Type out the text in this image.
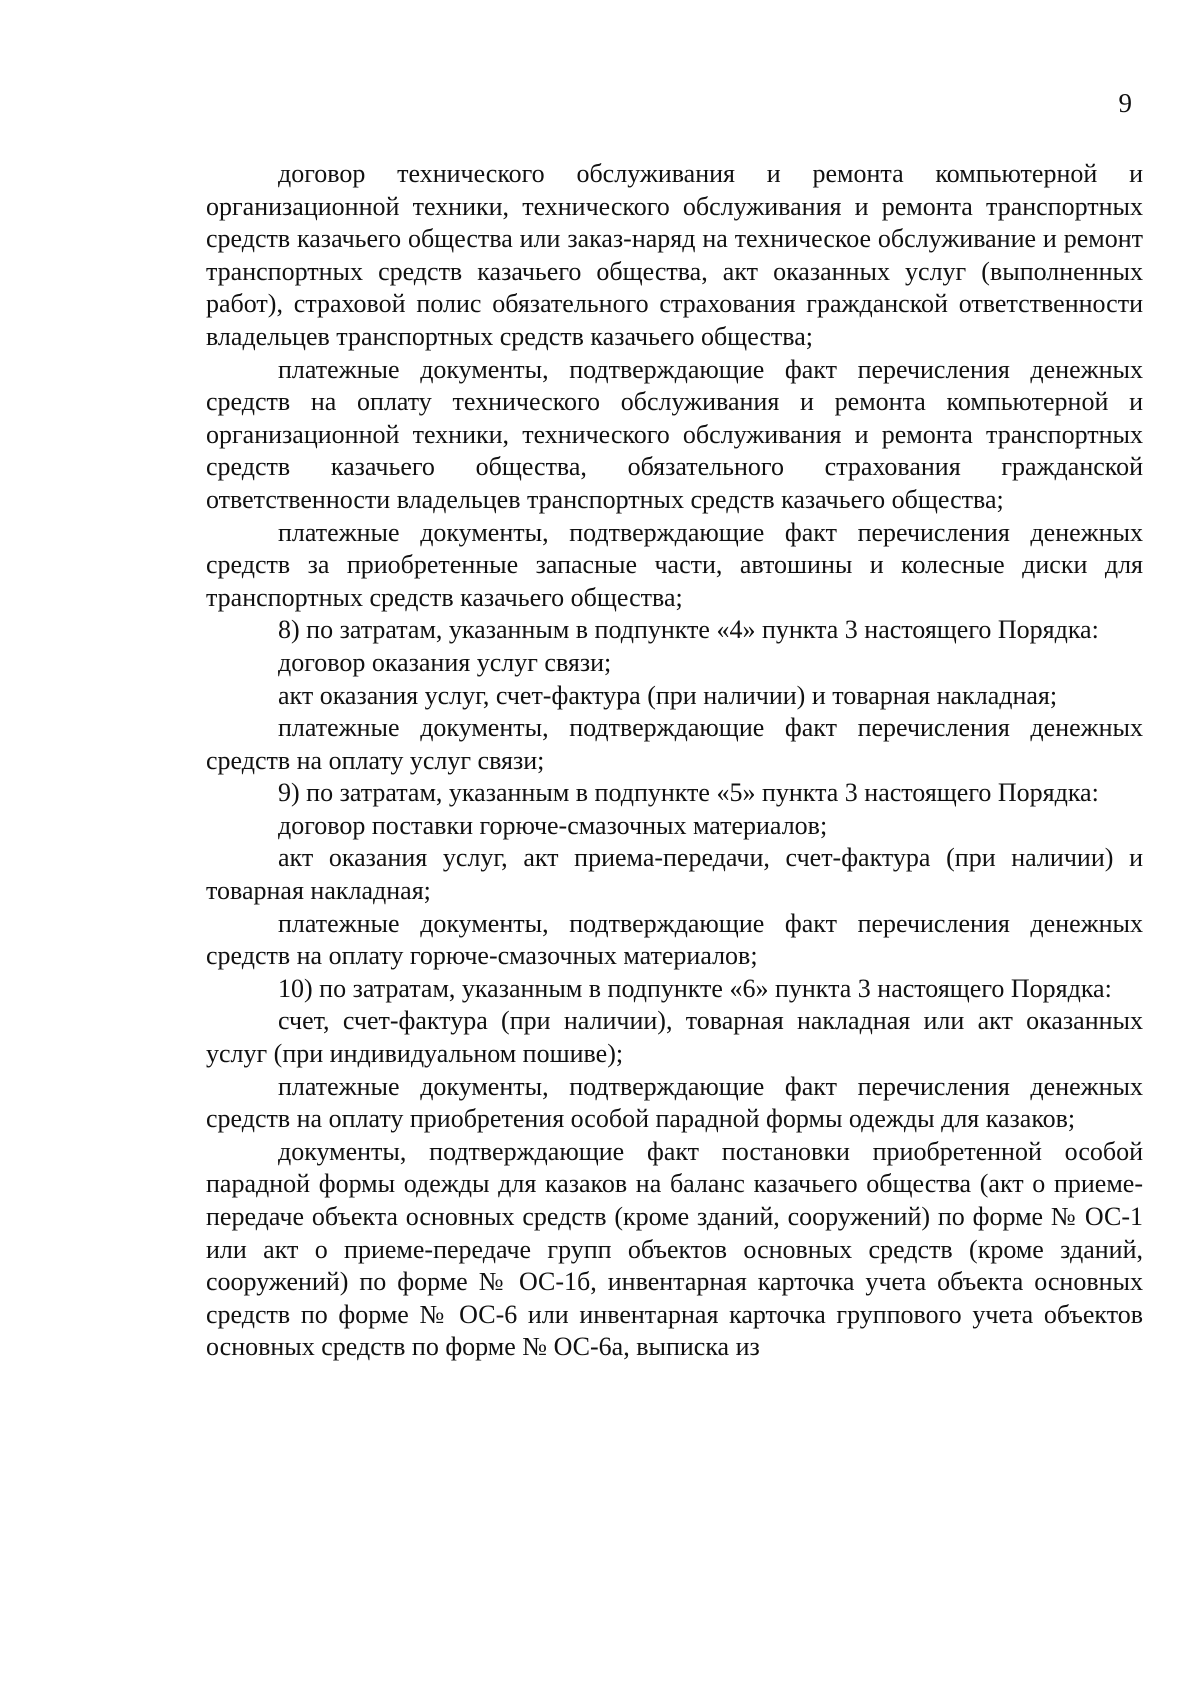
9

договор технического обслуживания и ремонта компьютерной и организационной техники, технического обслуживания и ремонта транспортных средств казачьего общества или заказ-наряд на техническое обслуживание и ремонт транспортных средств казачьего общества, акт оказанных услуг (выполненных работ), страховой полис обязательного страхования гражданской ответственности владельцев транспортных средств казачьего общества;

платежные документы, подтверждающие факт перечисления денежных средств на оплату технического обслуживания и ремонта компьютерной и организационной техники, технического обслуживания и ремонта транспортных средств казачьего общества, обязательного страхования гражданской ответственности владельцев транспортных средств казачьего общества;

платежные документы, подтверждающие факт перечисления денежных средств за приобретенные запасные части, автошины и колесные диски для транспортных средств казачьего общества;

8) по затратам, указанным в подпункте «4» пункта 3 настоящего Порядка:

договор оказания услуг связи;

акт оказания услуг, счет-фактура (при наличии) и товарная накладная;

платежные документы, подтверждающие факт перечисления денежных средств на оплату услуг связи;

9) по затратам, указанным в подпункте «5» пункта 3 настоящего Порядка:

договор поставки горюче-смазочных материалов;

акт оказания услуг, акт приема-передачи, счет-фактура (при наличии) и товарная накладная;

платежные документы, подтверждающие факт перечисления денежных средств на оплату горюче-смазочных материалов;

10) по затратам, указанным в подпункте «6» пункта 3 настоящего Порядка:

счет, счет-фактура (при наличии), товарная накладная или акт оказанных услуг (при индивидуальном пошиве);

платежные документы, подтверждающие факт перечисления денежных средств на оплату приобретения особой парадной формы одежды для казаков;

документы, подтверждающие факт постановки приобретенной особой парадной формы одежды для казаков на баланс казачьего общества (акт о приеме-передаче объекта основных средств (кроме зданий, сооружений) по форме № ОС-1 или акт о приеме-передаче групп объектов основных средств (кроме зданий, сооружений) по форме № ОС-1б, инвентарная карточка учета объекта основных средств по форме № ОС-6 или инвентарная карточка группового учета объектов основных средств по форме № ОС-6а, выписка из
